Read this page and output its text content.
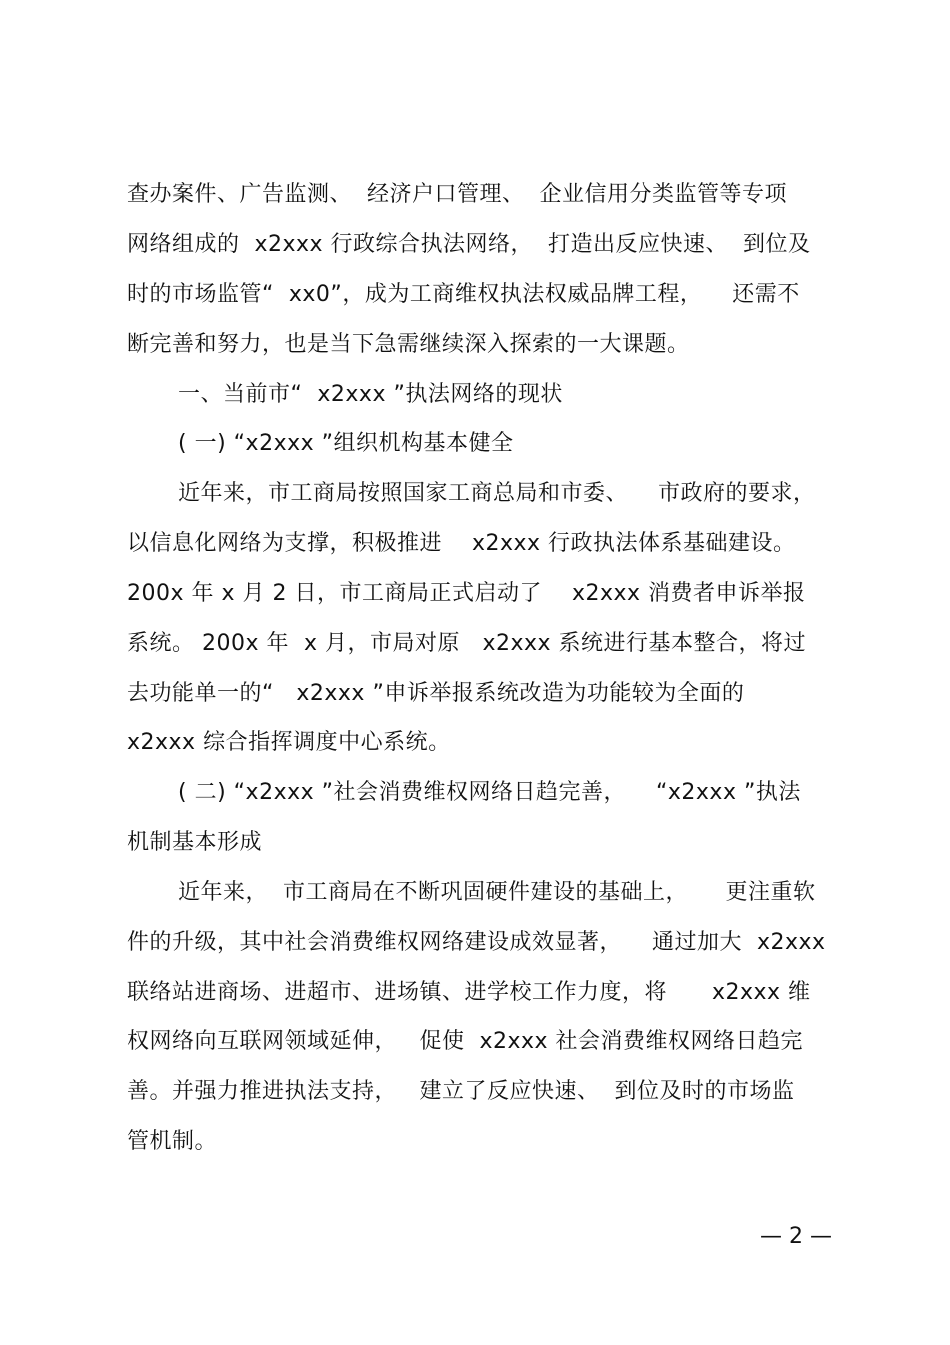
查办案件、广告监测、  经济户口管理、  企业信用分类监管等专项
网络组成的  x2xxx 行政综合执法网络，  打造出反应快速、  到位及
时的市场监管“  xx0”，成为工商维权执法权威品牌工程，    还需不
断完善和努力，也是当下急需继续深入探索的一大课题。
一、当前市“  x2xxx ”执法网络的现状
( 一) “x2xxx ”组织机构基本健全
近年来，市工商局按照国家工商总局和市委、    市政府的要求，
以信息化网络为支撑，积极推进    x2xxx 行政执法体系基础建设。
200x 年 x 月 2 日，市工商局正式启动了    x2xxx 消费者申诉举报
系统。 200x 年  x 月，市局对原   x2xxx 系统进行基本整合，将过
去功能单一的“   x2xxx ”申诉举报系统改造为功能较为全面的
x2xxx 综合指挥调度中心系统。
( 二) “x2xxx ”社会消费维权网络日趋完善，    “x2xxx ”执法
机制基本形成
近年来，  市工商局在不断巩固硬件建设的基础上，     更注重软
件的升级，其中社会消费维权网络建设成效显著，    通过加大  x2xxx
联络站进商场、进超市、进场镇、进学校工作力度，将      x2xxx 维
权网络向互联网领域延伸，   促使  x2xxx 社会消费维权网络日趋完
善。并强力推进执法支持，   建立了反应快速、  到位及时的市场监
管机制。
— 2 —
